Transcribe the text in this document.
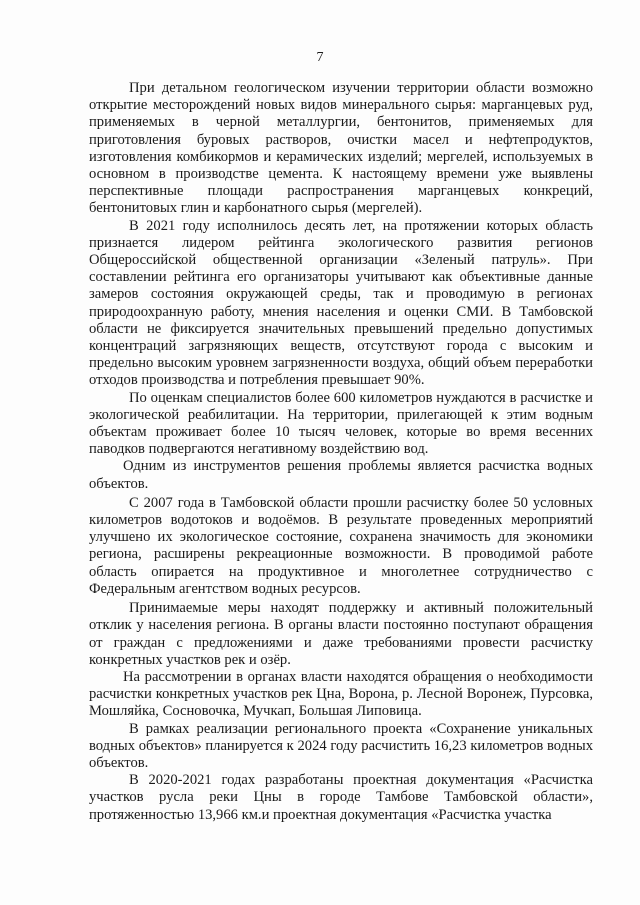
7

При детальном геологическом изучении территории области возможно открытие месторождений новых видов минерального сырья: марганцевых руд, применяемых в черной металлургии, бентонитов, применяемых для приготовления буровых растворов, очистки масел и нефтепродуктов, изготовления комбикормов и керамических изделий; мергелей, используемых в основном в производстве цемента. К настоящему времени уже выявлены перспективные площади распространения марганцевых конкреций, бентонитовых глин и карбонатного сырья (мергелей).

В 2021 году исполнилось десять лет, на протяжении которых область признается лидером рейтинга экологического развития регионов Общероссийской общественной организации «Зеленый патруль». При составлении рейтинга его организаторы учитывают как объективные данные замеров состояния окружающей среды, так и проводимую в регионах природоохранную работу, мнения населения и оценки СМИ. В Тамбовской области не фиксируется значительных превышений предельно допустимых концентраций загрязняющих веществ, отсутствуют города с высоким и предельно высоким уровнем загрязненности воздуха, общий объем переработки отходов производства и потребления превышает 90%.

По оценкам специалистов более 600 километров нуждаются в расчистке и экологической реабилитации. На территории, прилегающей к этим водным объектам проживает более 10 тысяч человек, которые во время весенних паводков подвергаются негативному воздействию вод.

Одним из инструментов решения проблемы является расчистка водных объектов.

С 2007 года в Тамбовской области прошли расчистку более 50 условных километров водотоков и водоёмов. В результате проведенных мероприятий улучшено их экологическое состояние, сохранена значимость для экономики региона, расширены рекреационные возможности. В проводимой работе область опирается на продуктивное и многолетнее сотрудничество с Федеральным агентством водных ресурсов.

Принимаемые меры находят поддержку и активный положительный отклик у населения региона. В органы власти постоянно поступают обращения от граждан с предложениями и даже требованиями провести расчистку конкретных участков рек и озёр.

На рассмотрении в органах власти находятся обращения о необходимости расчистки конкретных участков рек Цна, Ворона, р. Лесной Воронеж, Пурсовка, Мошляйка, Сосновочка, Мучкап, Большая Липовица.

В рамках реализации регионального проекта «Сохранение уникальных водных объектов» планируется к 2024 году расчистить 16,23 километров водных объектов.

В 2020-2021 годах разработаны проектная документация «Расчистка участков русла реки Цны в городе Тамбове Тамбовской области», протяженностью 13,966 км.и проектная документация «Расчистка участка
